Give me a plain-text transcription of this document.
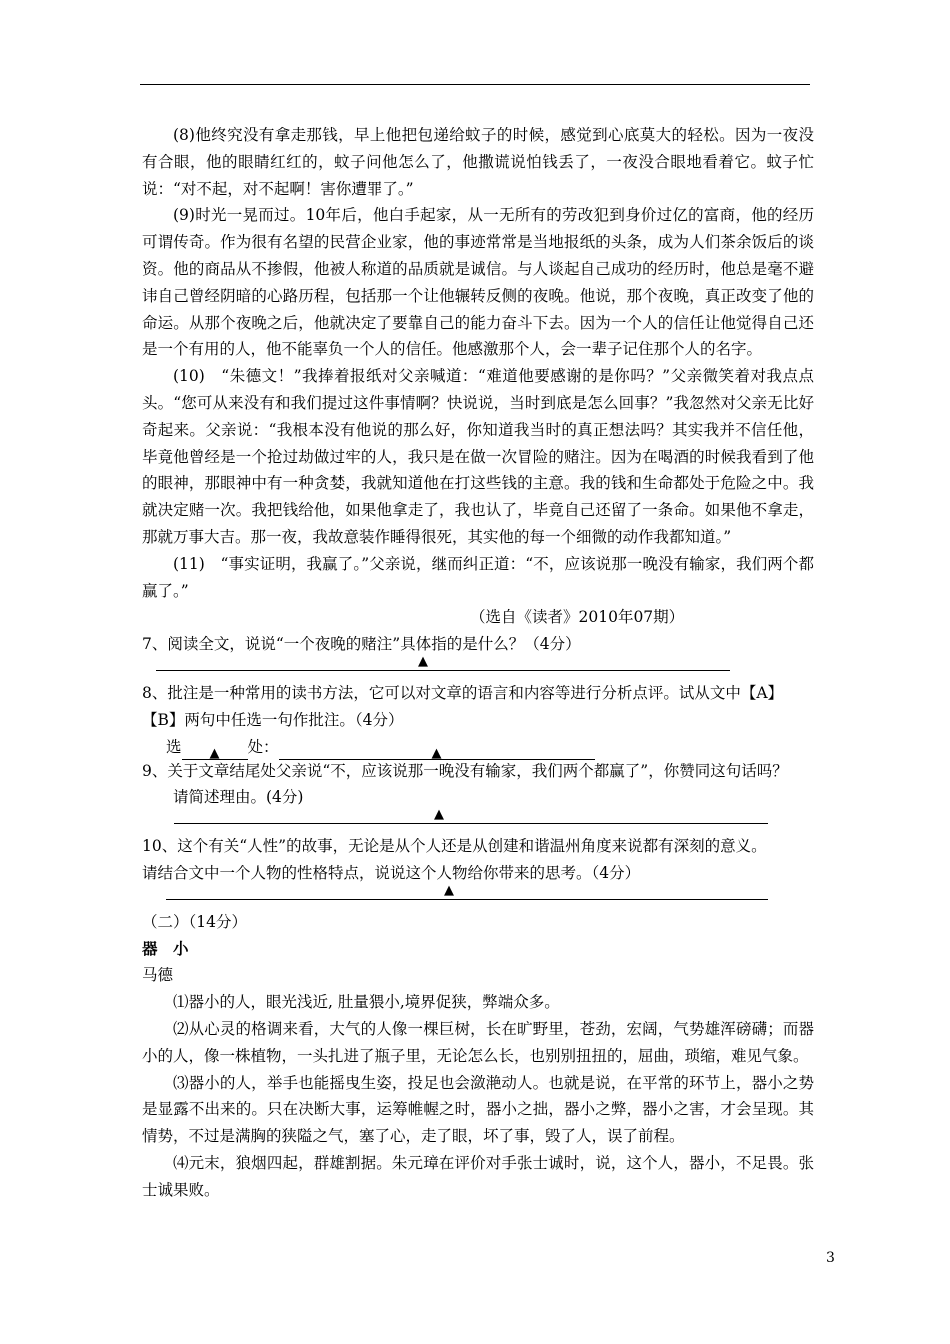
(8)他终究没有拿走那钱，早上他把包递给蚊子的时候，感觉到心底莫大的轻松。因为一夜没有合眼，他的眼睛红红的，蚊子问他怎么了，他撒谎说怕钱丢了，一夜没合眼地看着它。蚊子忙说：“对不起，对不起啊！害你遭罪了。”

(9)时光一晃而过。10年后，他白手起家，从一无所有的劳改犯到身价过亿的富商，他的经历可谓传奇。作为很有名望的民营企业家，他的事迹常常是当地报纸的头条，成为人们茶余饭后的谈资。他的商品从不掺假，他被人称道的品质就是诚信。与人谈起自己成功的经历时，他总是毫不避讳自己曾经阴暗的心路历程，包括那一个让他辗转反侧的夜晚。他说，那个夜晚，真正改变了他的命运。从那个夜晚之后，他就决定了要靠自己的能力奋斗下去。因为一个人的信任让他觉得自己还是一个有用的人，他不能辜负一个人的信任。他感激那个人，会一辈子记住那个人的名字。

(10)　“朱德文！”我捧着报纸对父亲喊道：“难道他要感谢的是你吗？”父亲微笑着对我点点头。“您可从来没有和我们提过这件事情啊？快说说，当时到底是怎么回事？”我忽然对父亲无比好奇起来。父亲说：“我根本没有他说的那么好，你知道我当时的真正想法吗？其实我并不信任他，毕竟他曾经是一个抢过劫做过牢的人，我只是在做一次冒险的赌注。因为在喝酒的时候我看到了他的眼神，那眼神中有一种贪婪，我就知道他在打这些钱的主意。我的钱和生命都处于危险之中。我就决定赌一次。我把钱给他，如果他拿走了，我也认了，毕竟自己还留了一条命。如果他不拿走，那就万事大吉。那一夜，我故意装作睡得很死，其实他的每一个细微的动作我都知道。”

(11)　“事实证明，我赢了。”父亲说，继而纠正道：“不，应该说那一晚没有输家，我们两个都赢了。”

（选自《读者》2010年07期）

7、阅读全文，说说“一个夜晚的赌注”具体指的是什么？（4分）

▲

8、批注是一种常用的读书方法，它可以对文章的语言和内容等进行分析点评。试从文中【A】

【B】两句中任选一句作批注。（4分）

选 ▲ 处：	▲

9、关于文章结尾处父亲说“不，应该说那一晚没有输家，我们两个都赢了”，你赞同这句话吗？

请简述理由。(4分)

▲

10、这个有关“人性”的故事，无论是从个人还是从创建和谐温州角度来说都有深刻的意义。

请结合文中一个人物的性格特点，说说这个人物给你带来的思考。（4分）

▲

（二）（14分）

器　小

马德

⑴器小的人，眼光浅近, 肚量猥小,境界促狭，弊端众多。

⑵从心灵的格调来看，大气的人像一棵巨树，长在旷野里，苍劲，宏阔，气势雄浑磅礴；而器小的人，像一株植物，一头扎进了瓶子里，无论怎么长，也别别扭扭的，屈曲，琐缩，难见气象。

⑶器小的人，举手也能摇曳生姿，投足也会潋滟动人。也就是说，在平常的环节上，器小之势是显露不出来的。只在决断大事，运筹帷幄之时，器小之拙，器小之弊，器小之害，才会呈现。其情势，不过是满胸的狭隘之气，塞了心，走了眼，坏了事，毁了人，误了前程。

⑷元末，狼烟四起，群雄割据。朱元璋在评价对手张士诚时，说，这个人，器小，不足畏。张士诚果败。

3
